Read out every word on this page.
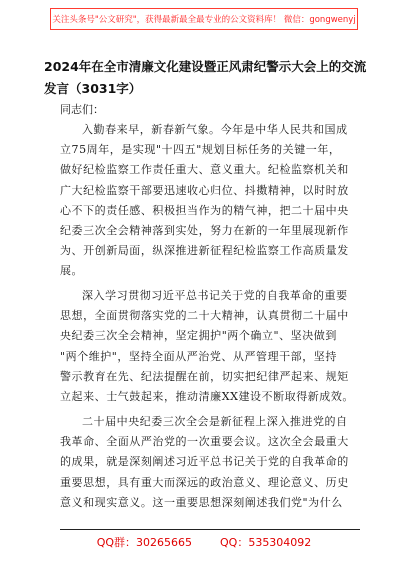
关注头条号"公文研究"，获得最新最全最专业的公文资料库！ 微信：gongwenyj
2024年在全市清廉文化建设暨正风肃纪警示大会上的交流
发言（3031字）
同志们：
入勤春来早，新春新气象。今年是中华人民共和国成
立75周年，是实现"十四五"规划目标任务的关键一年，
做好纪检监察工作责任重大、意义重大。纪检监察机关和
广大纪检监察干部要迅速收心归位、抖擞精神，以时时放
心不下的责任感、积极担当作为的精气神，把二十届中央
纪委三次全会精神落到实处，努力在新的一年里展现新作
为、开创新局面，纵深推进新征程纪检监察工作高质量发
展。
深入学习贯彻习近平总书记关于党的自我革命的重要
思想，全面贯彻落实党的二十大精神，认真贯彻二十届中
央纪委三次全会精神，坚定拥护"两个确立"、坚决做到
"两个维护"，坚持全面从严治党、从严管理干部，坚持
警示教育在先、纪法提醒在前，切实把纪律严起来、规矩
立起来、士气鼓起来，推动清廉XX建设不断取得新成效。
二十届中央纪委三次全会是新征程上深入推进党的自
我革命、全面从严治党的一次重要会议。这次全会最重大
的成果，就是深刻阐述习近平总书记关于党的自我革命的
重要思想，具有重大而深远的政治意义、理论意义、历史
意义和现实意义。这一重要思想深刻阐述我们党"为什么
QQ群：30265665	QQ：535304092
